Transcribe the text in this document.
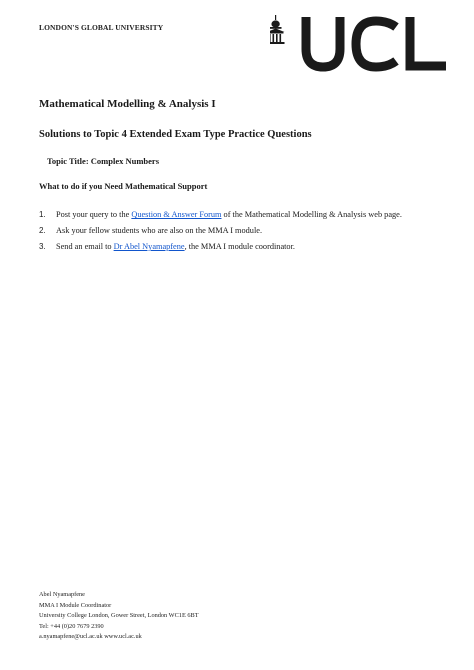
LONDON'S GLOBAL UNIVERSITY
Mathematical Modelling & Analysis I
Solutions to Topic 4 Extended Exam Type Practice Questions
Topic Title: Complex Numbers
What to do if you Need Mathematical Support
1. Post your query to the Question & Answer Forum of the Mathematical Modelling & Analysis web page.
2. Ask your fellow students who are also on the MMA I module.
3. Send an email to Dr Abel Nyamapfene, the MMA I module coordinator.
Abel Nyamapfene
MMA I Module Coordinator
University College London, Gower Street, London WC1E 6BT
Tel: +44 (0)20 7679 2390
a.nyamapfene@ucl.ac.uk www.ucl.ac.uk
